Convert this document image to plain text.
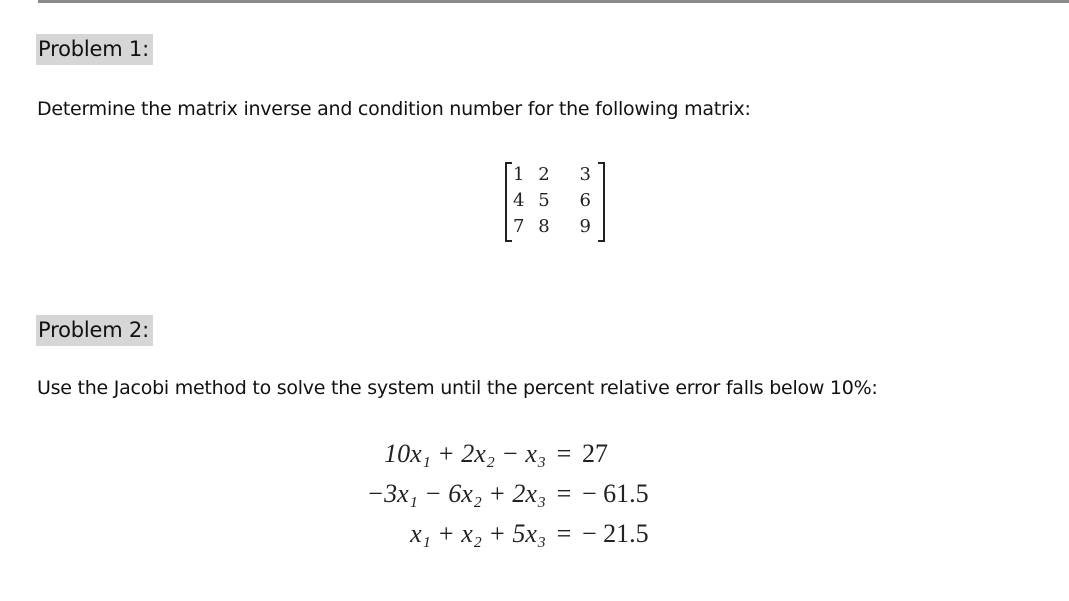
Problem 1:
Determine the matrix inverse and condition number for the following matrix:
1 2	3
4 5	6
7 8	9
Problem 2:
Use the Jacobi method to solve the system until the percent relative error falls below 10%:
10x₁ + 2x₂ − x₃ = 27
−3x₁ − 6x₂ + 2x₃ = − 61.5
x₁ + x₂ + 5x₃ = − 21.5
